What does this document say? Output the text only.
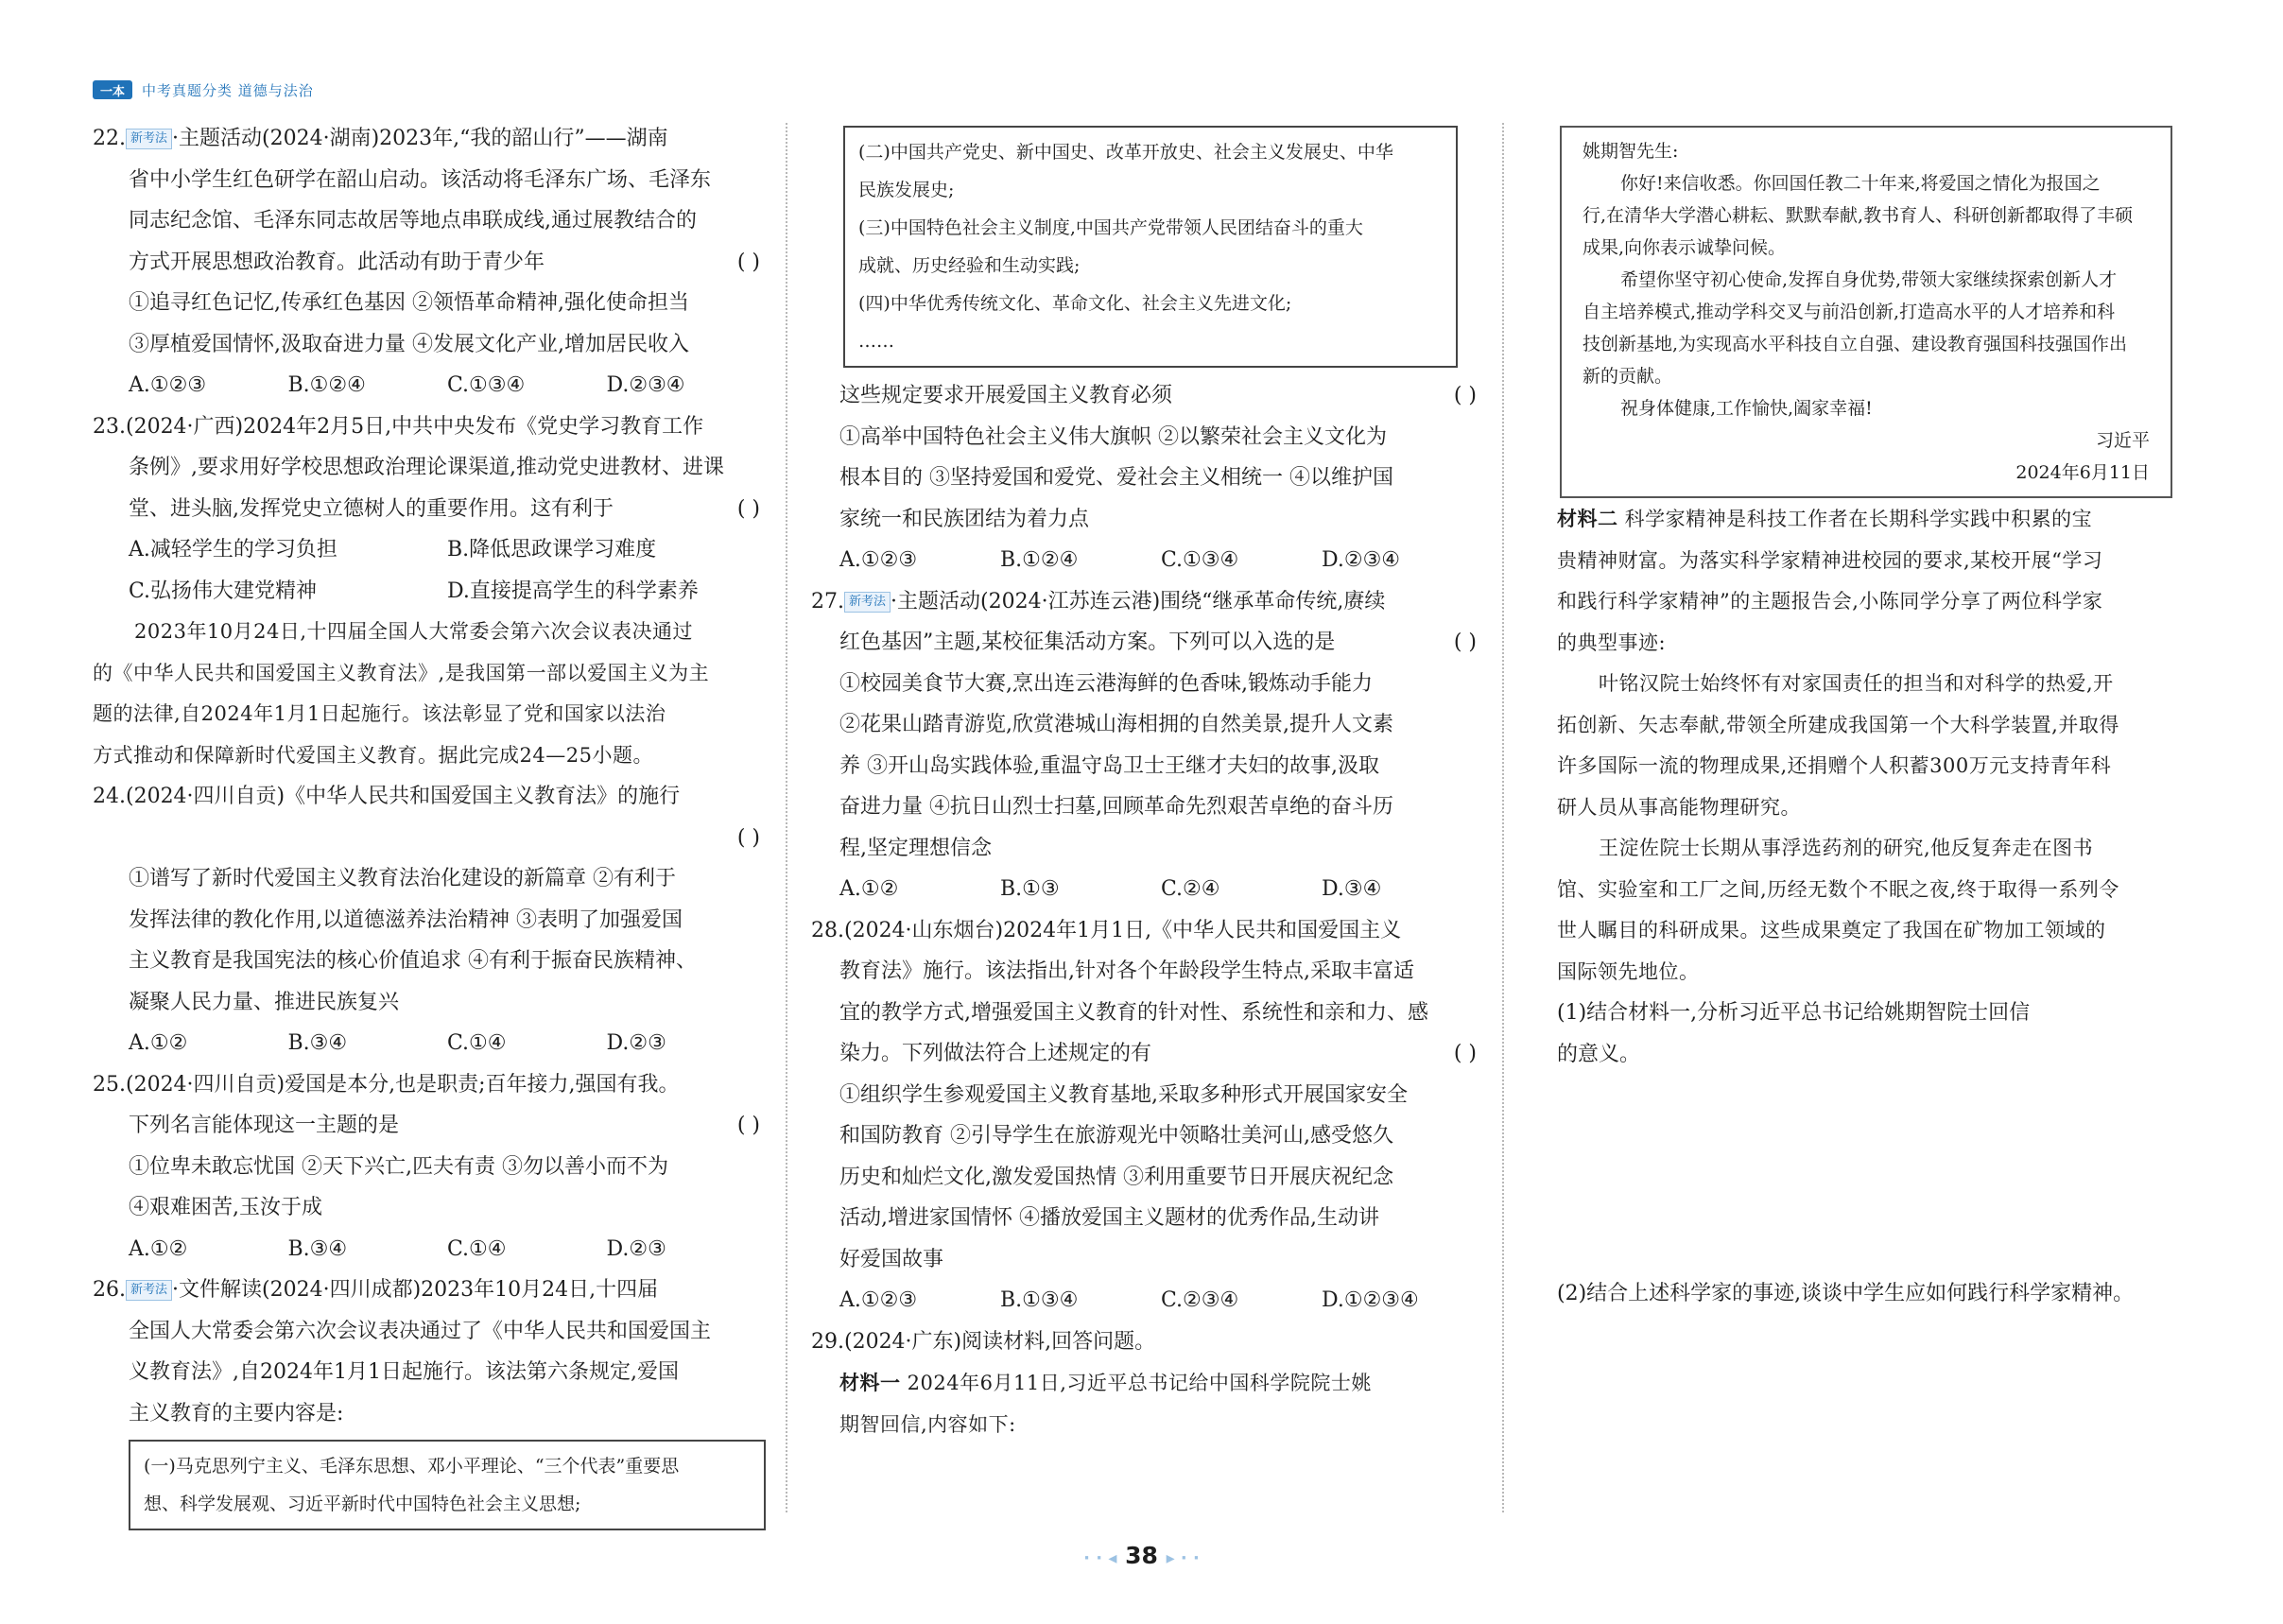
一本	中考真题分类 道德与法治

22. 新考法 ·主题活动(2024·湖南)2023年,“我的韶山行”——湖南

省中小学生红色研学在韶山启动。该活动将毛泽东广场、毛泽东

同志纪念馆、毛泽东同志故居等地点串联成线,通过展教结合的

方式开展思想政治教育。此活动有助于青少年	( )

①追寻红色记忆,传承红色基因 ②领悟革命精神,强化使命担当

③厚植爱国情怀,汲取奋进力量 ④发展文化产业,增加居民收入

A.①②③	B.①②④	C.①③④	D.②③④

23.(2024·广西)2024年2月5日,中共中央发布《党史学习教育工作

条例》,要求用好学校思想政治理论课渠道,推动党史进教材、进课

堂、进头脑,发挥党史立德树人的重要作用。这有利于	( )

A.减轻学生的学习负担	B.降低思政课学习难度
C.弘扬伟大建党精神	D.直接提高学生的科学素养

2023年10月24日,十四届全国人大常委会第六次会议表决通过

的《中华人民共和国爱国主义教育法》,是我国第一部以爱国主义为主

题的法律,自2024年1月1日起施行。该法彰显了党和国家以法治

方式推动和保障新时代爱国主义教育。据此完成24—25小题。

24.(2024·四川自贡)《中华人民共和国爱国主义教育法》的施行

( )

①谱写了新时代爱国主义教育法治化建设的新篇章 ②有利于

发挥法律的教化作用,以道德滋养法治精神 ③表明了加强爱国

主义教育是我国宪法的核心价值追求 ④有利于振奋民族精神、

凝聚人民力量、推进民族复兴

A.①②	B.③④	C.①④	D.②③

25.(2024·四川自贡)爱国是本分,也是职责;百年接力,强国有我。

下列名言能体现这一主题的是	( )

①位卑未敢忘忧国 ②天下兴亡,匹夫有责 ③勿以善小而不为

④艰难困苦,玉汝于成

A.①②	B.③④	C.①④	D.②③

26. 新考法 ·文件解读(2024·四川成都)2023年10月24日,十四届

全国人大常委会第六次会议表决通过了《中华人民共和国爱国主

义教育法》,自2024年1月1日起施行。该法第六条规定,爱国

主义教育的主要内容是:

(一)马克思列宁主义、毛泽东思想、邓小平理论、“三个代表”重要思

想、科学发展观、习近平新时代中国特色社会主义思想;

(二)中国共产党史、新中国史、改革开放史、社会主义发展史、中华

民族发展史;

(三)中国特色社会主义制度,中国共产党带领人民团结奋斗的重大

成就、历史经验和生动实践;

(四)中华优秀传统文化、革命文化、社会主义先进文化;

……

这些规定要求开展爱国主义教育必须	( )

①高举中国特色社会主义伟大旗帜 ②以繁荣社会主义文化为

根本目的 ③坚持爱国和爱党、爱社会主义相统一 ④以维护国

家统一和民族团结为着力点

A.①②③	B.①②④	C.①③④	D.②③④

27. 新考法 ·主题活动(2024·江苏连云港)围绕“继承革命传统,赓续

红色基因”主题,某校征集活动方案。下列可以入选的是	( )

①校园美食节大赛,烹出连云港海鲜的色香味,锻炼动手能力

②花果山踏青游览,欣赏港城山海相拥的自然美景,提升人文素

养 ③开山岛实践体验,重温守岛卫士王继才夫妇的故事,汲取

奋进力量 ④抗日山烈士扫墓,回顾革命先烈艰苦卓绝的奋斗历

程,坚定理想信念

A.①②	B.①③	C.②④	D.③④

28.(2024·山东烟台)2024年1月1日,《中华人民共和国爱国主义

教育法》施行。该法指出,针对各个年龄段学生特点,采取丰富适

宜的教学方式,增强爱国主义教育的针对性、系统性和亲和力、感

染力。下列做法符合上述规定的有	( )

①组织学生参观爱国主义教育基地,采取多种形式开展国家安全

和国防教育 ②引导学生在旅游观光中领略壮美河山,感受悠久

历史和灿烂文化,激发爱国热情 ③利用重要节日开展庆祝纪念

活动,增进家国情怀 ④播放爱国主义题材的优秀作品,生动讲

好爱国故事

A.①②③	B.①③④	C.②③④	D.①②③④

29.(2024·广东)阅读材料,回答问题。

材料一 2024年6月11日,习近平总书记给中国科学院院士姚

期智回信,内容如下:

姚期智先生:

你好!来信收悉。你回国任教二十年来,将爱国之情化为报国之

行,在清华大学潜心耕耘、默默奉献,教书育人、科研创新都取得了丰硕

成果,向你表示诚挚问候。

希望你坚守初心使命,发挥自身优势,带领大家继续探索创新人才

自主培养模式,推动学科交叉与前沿创新,打造高水平的人才培养和科

技创新基地,为实现高水平科技自立自强、建设教育强国科技强国作出

新的贡献。

祝身体健康,工作愉快,阖家幸福!

习近平

2024年6月11日

材料二 科学家精神是科技工作者在长期科学实践中积累的宝

贵精神财富。为落实科学家精神进校园的要求,某校开展“学习

和践行科学家精神”的主题报告会,小陈同学分享了两位科学家

的典型事迹:

叶铭汉院士始终怀有对家国责任的担当和对科学的热爱,开

拓创新、矢志奉献,带领全所建成我国第一个大科学装置,并取得

许多国际一流的物理成果,还捐赠个人积蓄300万元支持青年科

研人员从事高能物理研究。

王淀佐院士长期从事浮选药剂的研究,他反复奔走在图书

馆、实验室和工厂之间,历经无数个不眠之夜,终于取得一系列令

世人瞩目的科研成果。这些成果奠定了我国在矿物加工领域的

国际领先地位。

(1)结合材料一,分析习近平总书记给姚期智院士回信

的意义。

(2)结合上述科学家的事迹,谈谈中学生应如何践行科学家精神。

· · ◂ 38 ▸ · ·
